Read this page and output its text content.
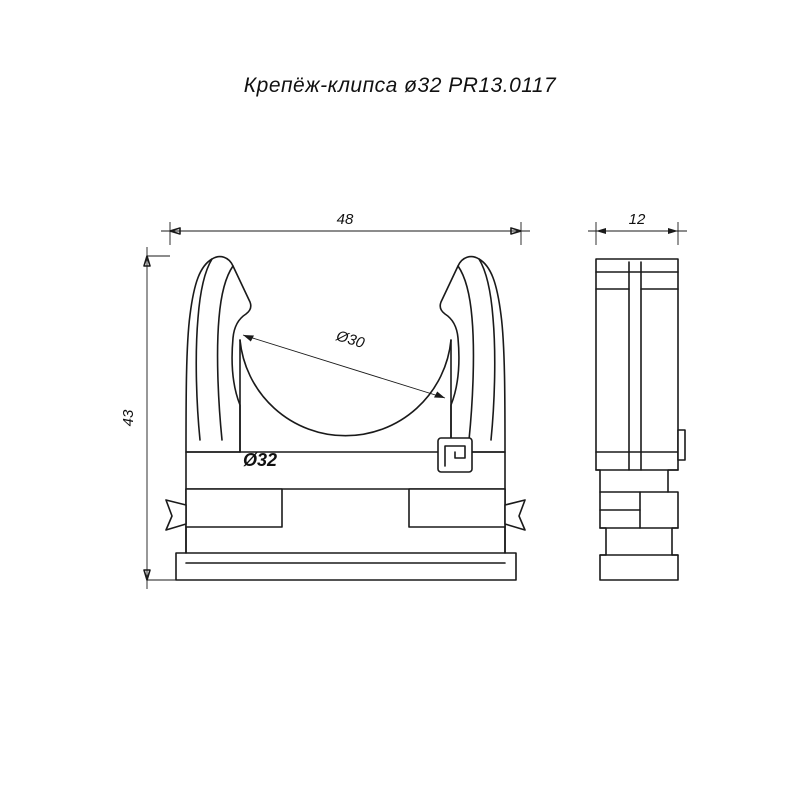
Крепёж-клипса ø32 PR13.0117
48
43
Ø30
Ø32
12
